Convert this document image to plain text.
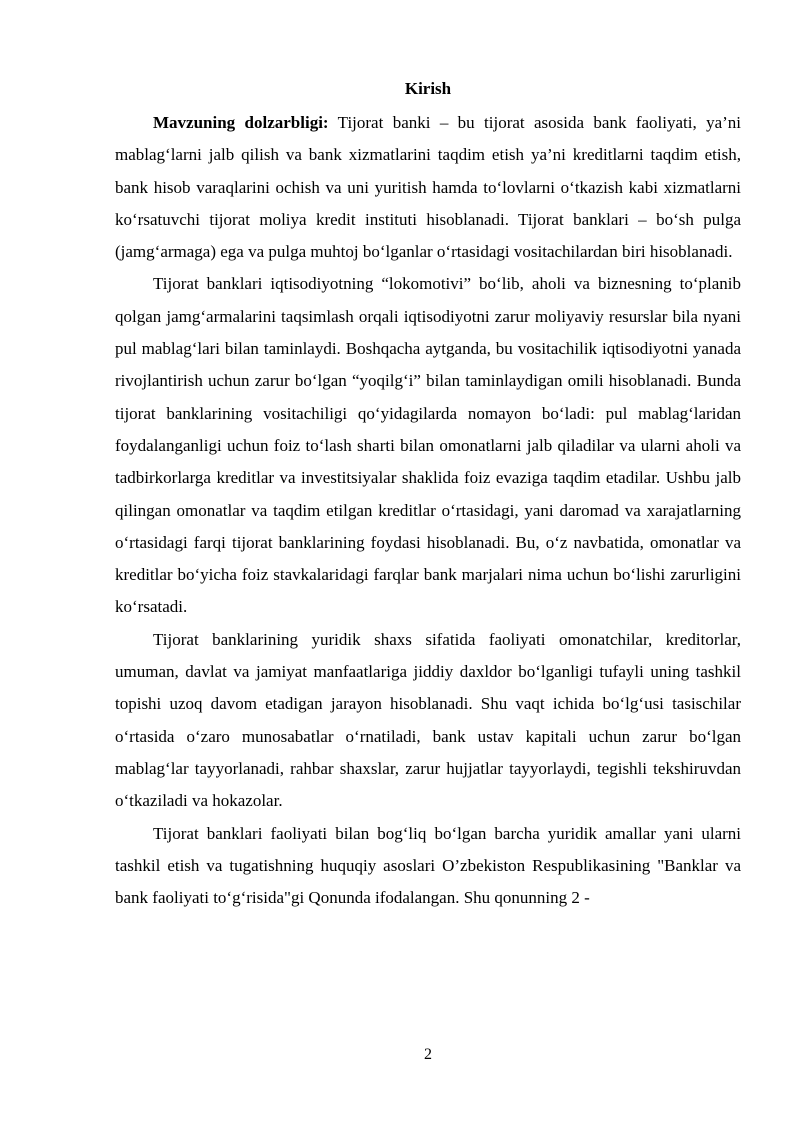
Kirish

Mavzuning dolzarbligi: Tijorat banki – bu tijorat asosida bank faoliyati, ya’ni mablag‘larni jalb qilish va bank xizmatlarini taqdim etish ya’ni kreditlarni taqdim etish, bank hisob varaqlarini ochish va uni yuritish hamda to‘lovlarni o‘tkazish kabi xizmatlarni ko‘rsatuvchi tijorat moliya kredit instituti hisoblanadi. Tijorat banklari – bo‘sh pulga (jamg‘armaga) ega va pulga muhtoj bo‘lganlar o‘rtasidagi vositachilardan biri hisoblanadi.

Tijorat banklari iqtisodiyotning “lokomotivi” bo‘lib, aholi va biznesning to‘planib qolgan jamg‘armalarini taqsimlash orqali iqtisodiyotni zarur moliyaviy resurslar bila nyani pul mablag‘lari bilan taminlaydi. Boshqacha aytganda, bu vositachilik iqtisodiyotni yanada rivojlantirish uchun zarur bo‘lgan “yoqilg‘i” bilan taminlaydigan omili hisoblanadi. Bunda tijorat banklarining vositachiligi qo‘yidagilarda nomayon bo‘ladi: pul mablag‘laridan foydalanganligi uchun foiz to‘lash sharti bilan omonatlarni jalb qiladilar va ularni aholi va tadbirkorlarga kreditlar va investitsiyalar shaklida foiz evaziga taqdim etadilar. Ushbu jalb qilingan omonatlar va taqdim etilgan kreditlar o‘rtasidagi, yani daromad va xarajatlarning o‘rtasidagi farqi tijorat banklarining foydasi hisoblanadi. Bu, o‘z navbatida, omonatlar va kreditlar bo‘yicha foiz stavkalaridagi farqlar bank marjalari nima uchun bo‘lishi zarurligini ko‘rsatadi.

Tijorat banklarining yuridik shaxs sifatida faoliyati omonatchilar, kreditorlar, umuman, davlat va jamiyat manfaatlariga jiddiy daxldor bo‘lganligi tufayli uning tashkil topishi uzoq davom etadigan jarayon hisoblanadi. Shu vaqt ichida bo‘lg‘usi tasischilar o‘rtasida o‘zaro munosabatlar o‘rnatiladi, bank ustav kapitali uchun zarur bo‘lgan mablag‘lar tayyorlanadi, rahbar shaxslar, zarur hujjatlar tayyorlaydi, tegishli tekshiruvdan o‘tkaziladi va hokazolar.

Tijorat banklari faoliyati bilan bog‘liq bo‘lgan barcha yuridik amallar yani ularni tashkil etish va tugatishning huquqiy asoslari O’zbekiston Respublikasining "Banklar va bank faoliyati to‘g‘risida"gi Qonunda ifodalangan. Shu qonunning 2 -

2
